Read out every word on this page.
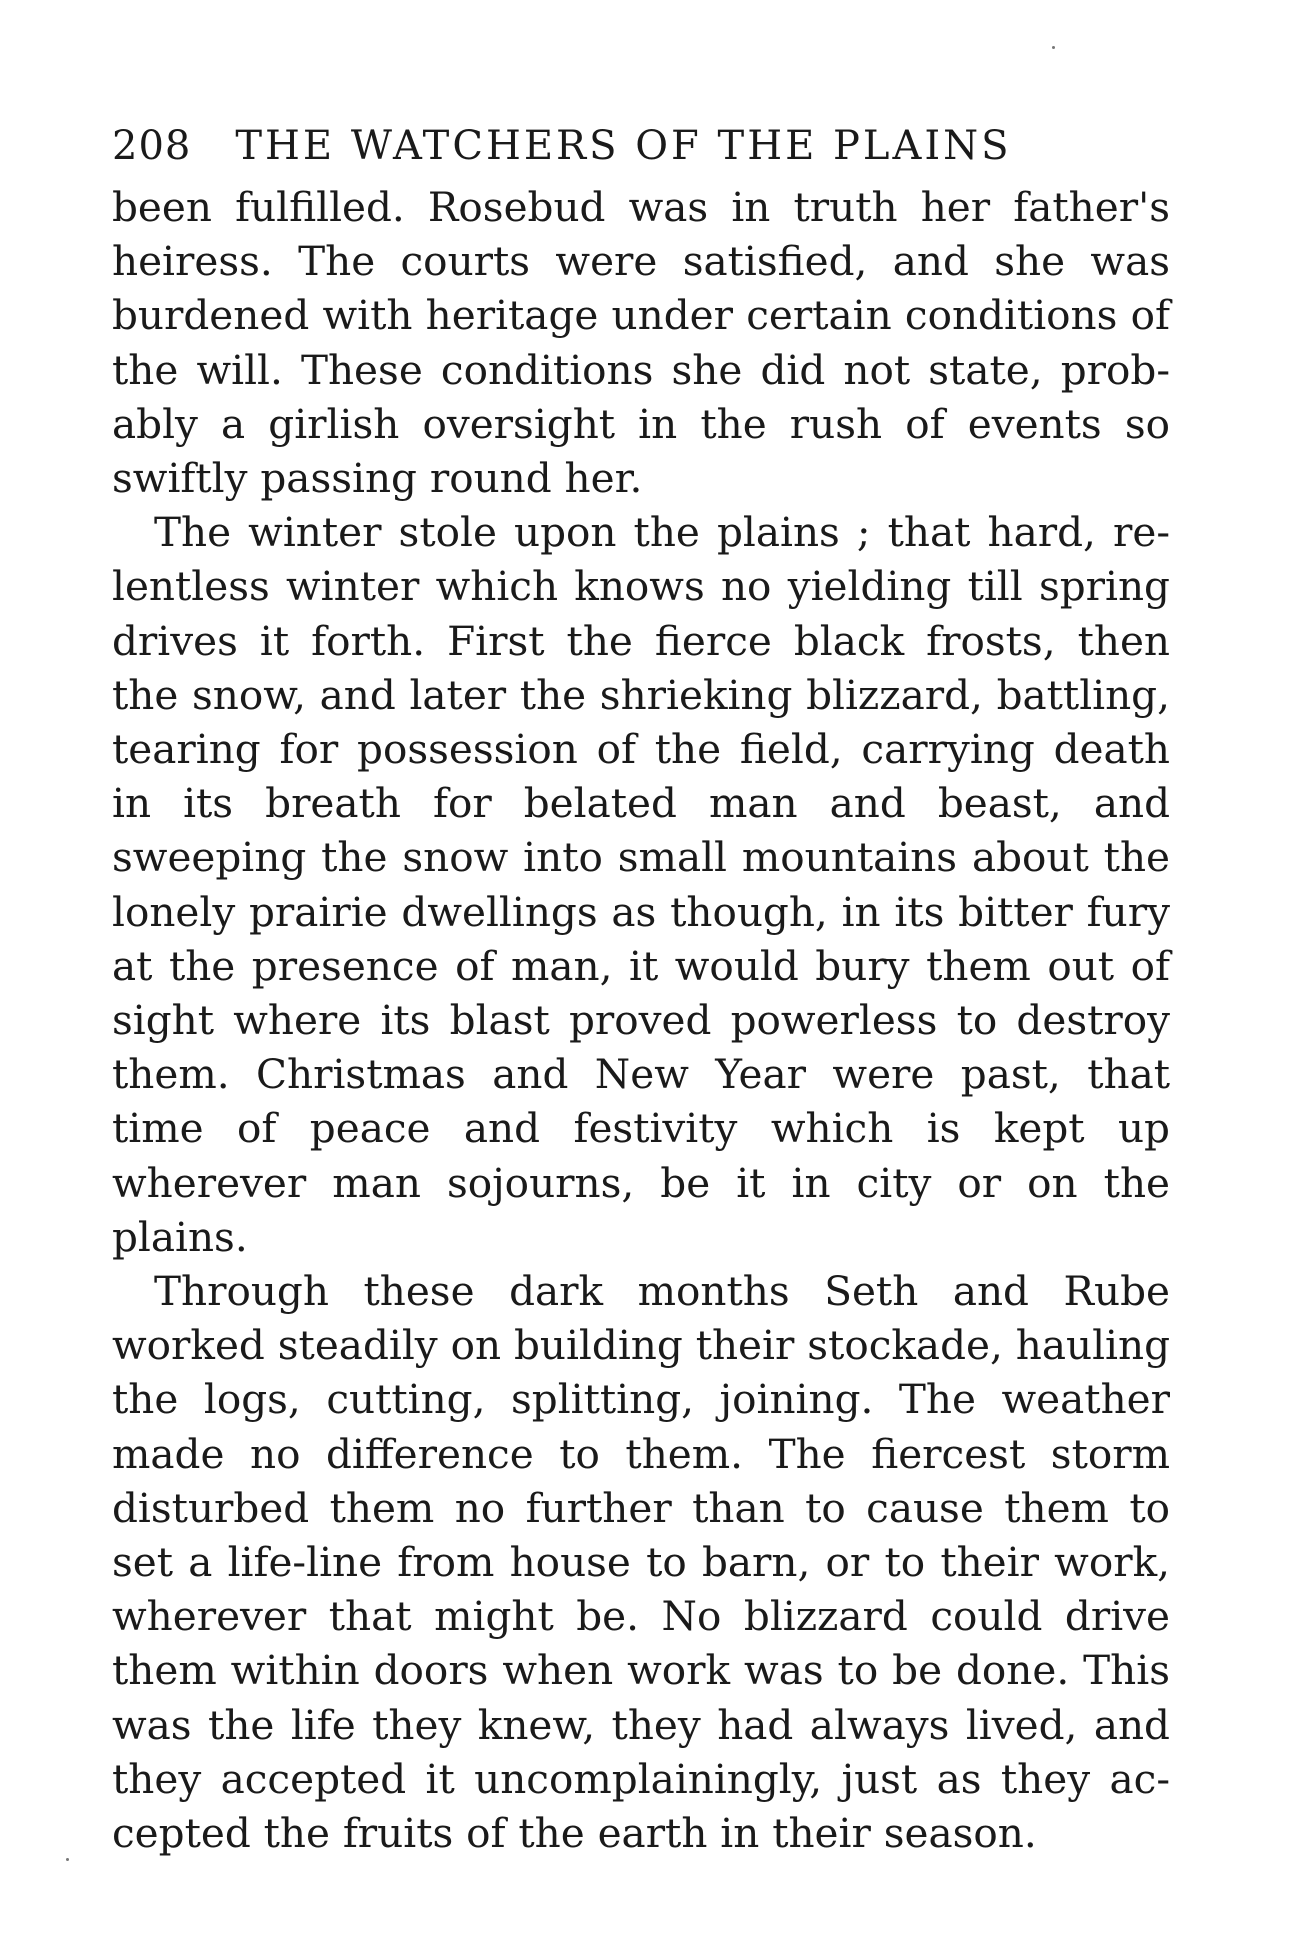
208 THE WATCHERS OF THE PLAINS

been fulfilled. Rosebud was in truth her father's heiress. The courts were satisfied, and she was burdened with heritage under certain conditions of the will. These conditions she did not state, probably a girlish oversight in the rush of events so swiftly passing round her.

The winter stole upon the plains ; that hard, relentless winter which knows no yielding till spring drives it forth. First the fierce black frosts, then the snow, and later the shrieking blizzard, battling, tearing for possession of the field, carrying death in its breath for belated man and beast, and sweeping the snow into small mountains about the lonely prairie dwellings as though, in its bitter fury at the presence of man, it would bury them out of sight where its blast proved powerless to destroy them. Christmas and New Year were past, that time of peace and festivity which is kept up wherever man sojourns, be it in city or on the plains.

Through these dark months Seth and Rube worked steadily on building their stockade, hauling the logs, cutting, splitting, joining. The weather made no difference to them. The fiercest storm disturbed them no further than to cause them to set a life-line from house to barn, or to their work, wherever that might be. No blizzard could drive them within doors when work was to be done. This was the life they knew, they had always lived, and they accepted it uncomplainingly, just as they accepted the fruits of the earth in their season.
